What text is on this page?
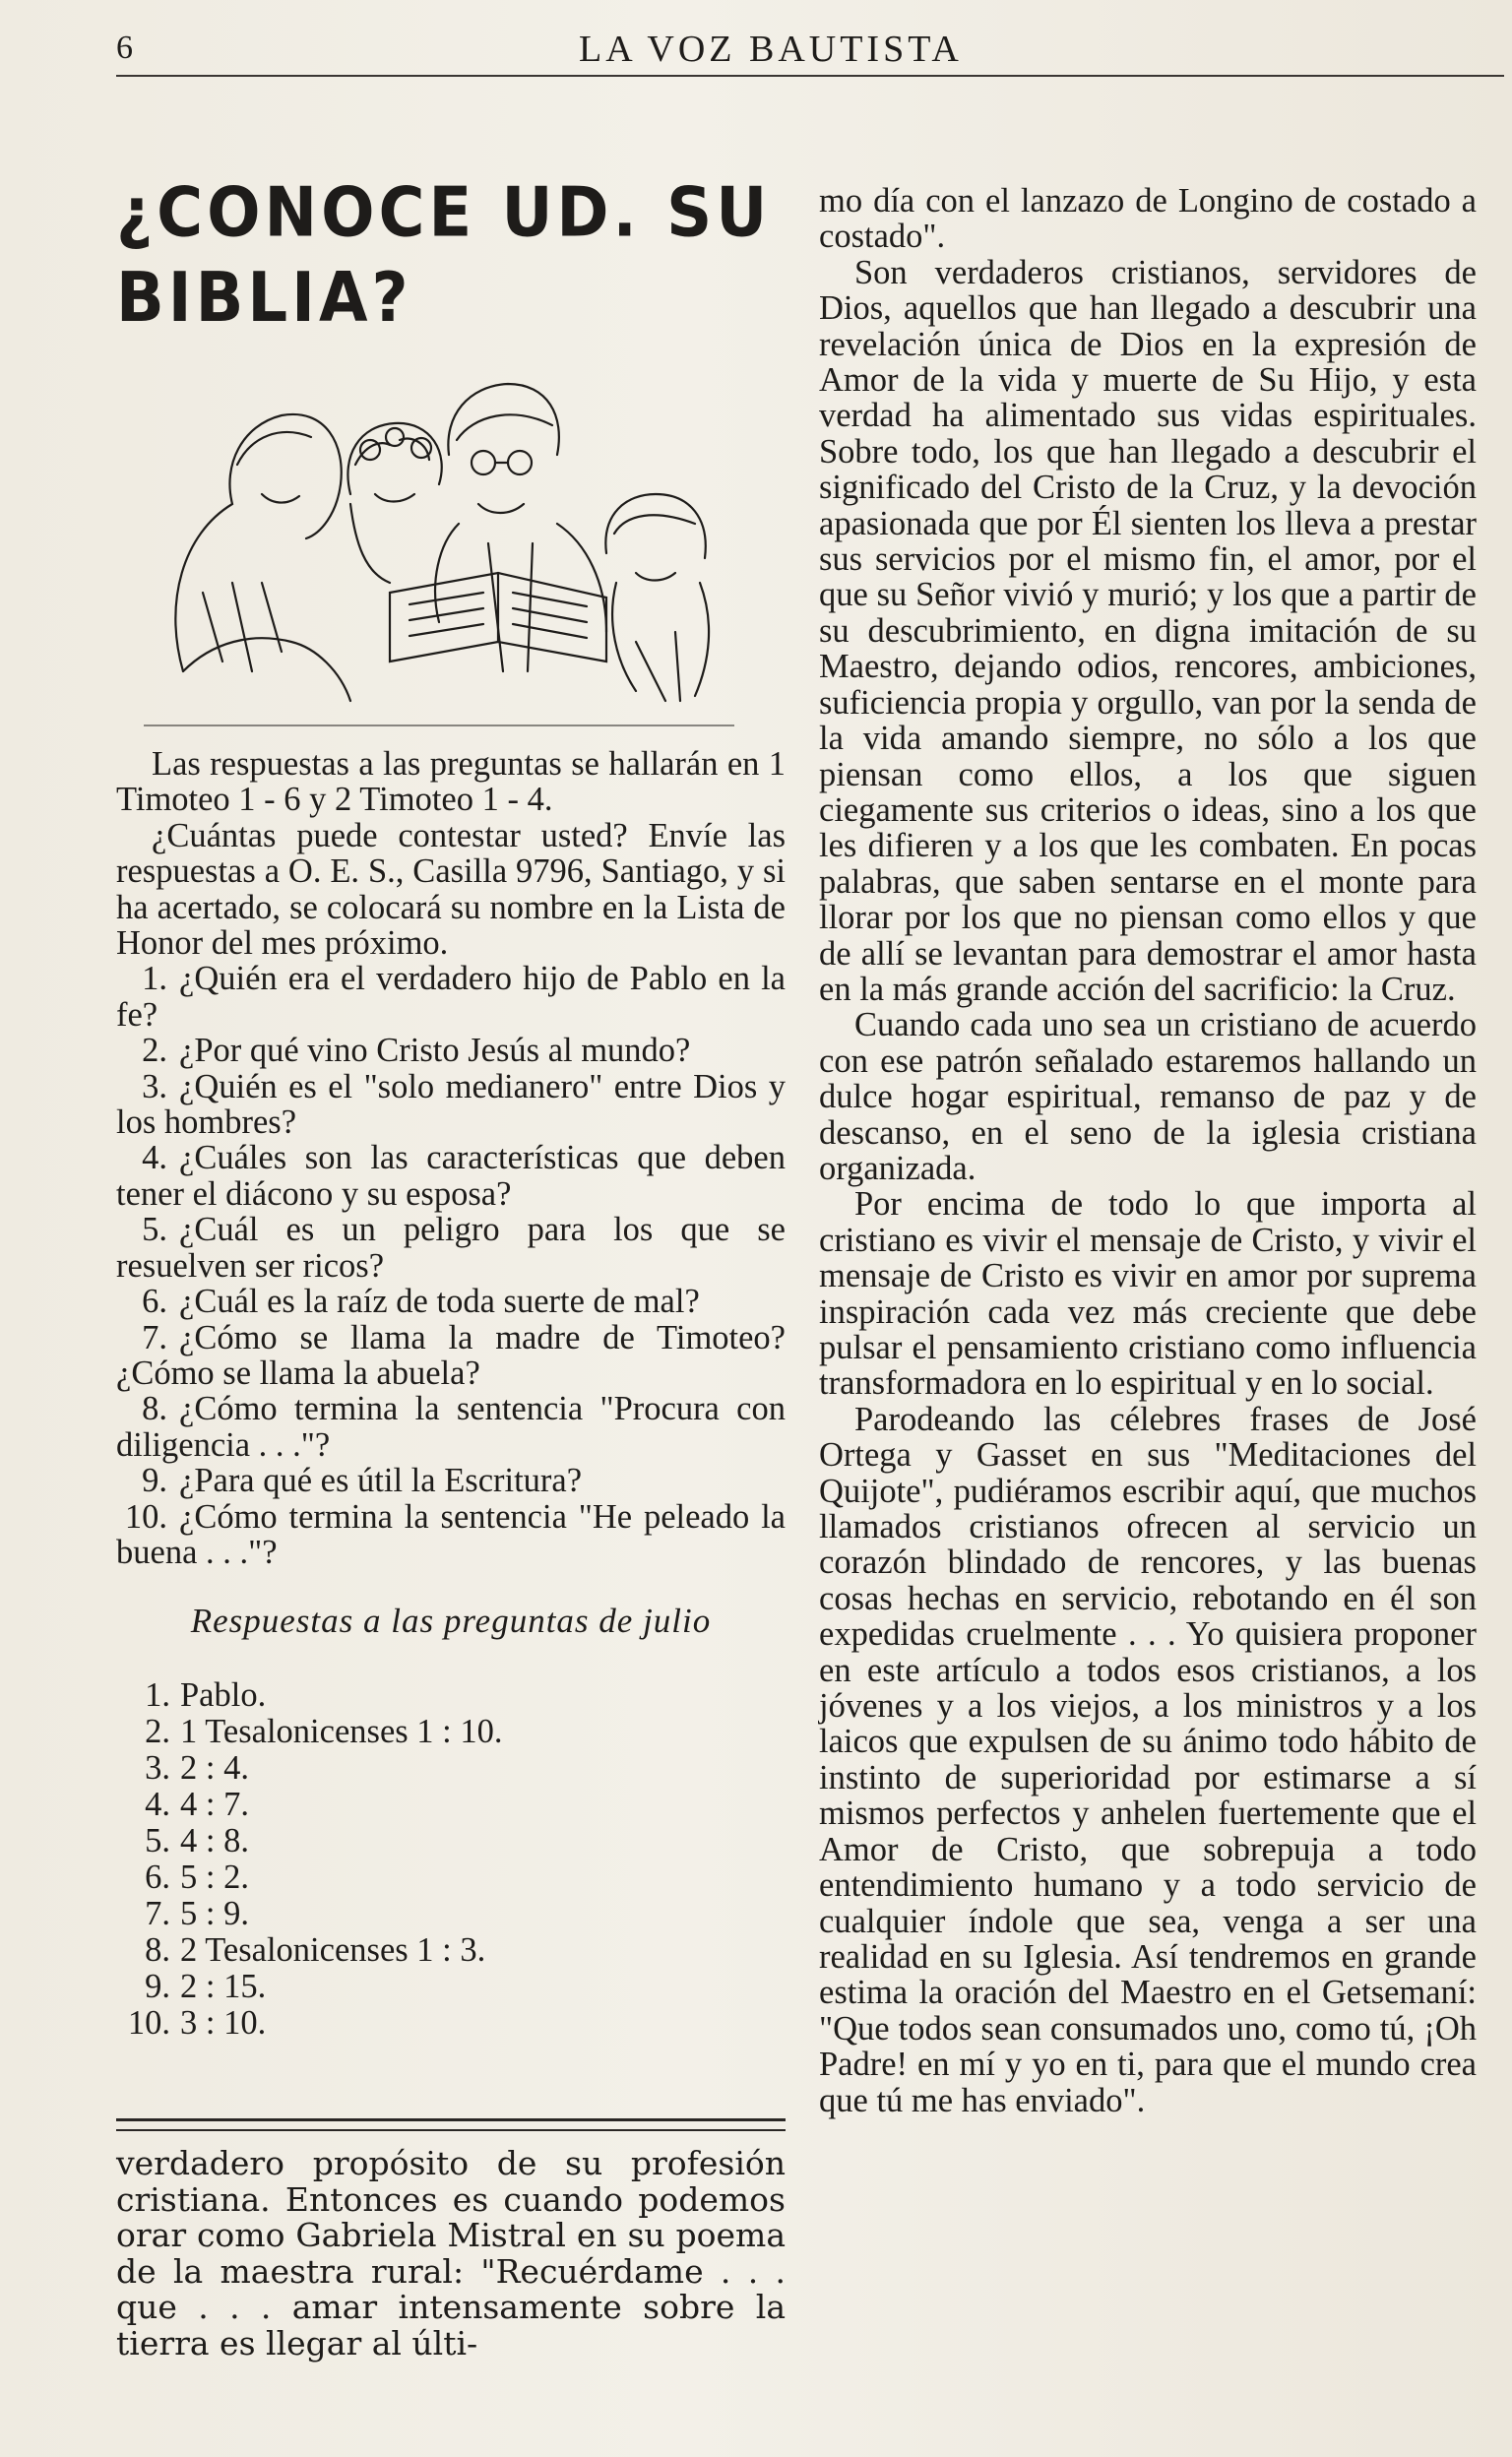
6	LA VOZ BAUTISTA
¿CONOCE UD. SU BIBLIA?

Las respuestas a las preguntas se hallarán en 1 Timoteo 1 - 6 y 2 Timoteo 1 - 4.

¿Cuántas puede contestar usted? Envíe las respuestas a O. E. S., Casilla 9796, Santiago, y si ha acertado, se colocará su nombre en la Lista de Honor del mes próximo.

1. ¿Quién era el verdadero hijo de Pablo en la fe?
2. ¿Por qué vino Cristo Jesús al mundo?
3. ¿Quién es el "solo medianero" entre Dios y los hombres?
4. ¿Cuáles son las características que deben tener el diácono y su esposa?
5. ¿Cuál es un peligro para los que se resuelven ser ricos?
6. ¿Cuál es la raíz de toda suerte de mal?
7. ¿Cómo se llama la madre de Timoteo? ¿Cómo se llama la abuela?
8. ¿Cómo termina la sentencia "Procura con diligencia . . ."?
9. ¿Para qué es útil la Escritura?
10. ¿Cómo termina la sentencia "He peleado la buena . . ."?
Respuestas a las preguntas de julio
1. Pablo.
2. 1 Tesalonicenses 1 : 10.
3. 2 : 4.
4. 4 : 7.
5. 4 : 8.
6. 5 : 2.
7. 5 : 9.
8. 2 Tesalonicenses 1 : 3.
9. 2 : 15.
10. 3 : 10.

verdadero propósito de su profesión cristiana. Entonces es cuando podemos orar como Gabriela Mistral en su poema de la maestra rural: "Recuérdame . . . que . . . amar intensamente sobre la tierra es llegar al últi-

mo día con el lanzazo de Longino de costado a costado".

Son verdaderos cristianos, servidores de Dios, aquellos que han llegado a descubrir una revelación única de Dios en la expresión de Amor de la vida y muerte de Su Hijo, y esta verdad ha alimentado sus vidas espirituales. Sobre todo, los que han llegado a descubrir el significado del Cristo de la Cruz, y la devoción apasionada que por Él sienten los lleva a prestar sus servicios por el mismo fin, el amor, por el que su Señor vivió y murió; y los que a partir de su descubrimiento, en digna imitación de su Maestro, dejando odios, rencores, ambiciones, suficiencia propia y orgullo, van por la senda de la vida amando siempre, no sólo a los que piensan como ellos, a los que siguen ciegamente sus criterios o ideas, sino a los que les difieren y a los que les combaten. En pocas palabras, que saben sentarse en el monte para llorar por los que no piensan como ellos y que de allí se levantan para demostrar el amor hasta en la más grande acción del sacrificio: la Cruz.

Cuando cada uno sea un cristiano de acuerdo con ese patrón señalado estaremos hallando un dulce hogar espiritual, remanso de paz y de descanso, en el seno de la iglesia cristiana organizada.

Por encima de todo lo que importa al cristiano es vivir el mensaje de Cristo, y vivir el mensaje de Cristo es vivir en amor por suprema inspiración cada vez más creciente que debe pulsar el pensamiento cristiano como influencia transformadora en lo espiritual y en lo social.

Parodeando las célebres frases de José Ortega y Gasset en sus "Meditaciones del Quijote", pudiéramos escribir aquí, que muchos llamados cristianos ofrecen al servicio un corazón blindado de rencores, y las buenas cosas hechas en servicio, rebotando en él son expedidas cruelmente . . . Yo quisiera proponer en este artículo a todos esos cristianos, a los jóvenes y a los viejos, a los ministros y a los laicos que expulsen de su ánimo todo hábito de instinto de superioridad por estimarse a sí mismos perfectos y anhelen fuertemente que el Amor de Cristo, que sobrepuja a todo entendimiento humano y a todo servicio de cualquier índole que sea, venga a ser una realidad en su Iglesia. Así tendremos en grande estima la oración del Maestro en el Getsemaní: "Que todos sean consumados uno, como tú, ¡Oh Padre! en mí y yo en ti, para que el mundo crea que tú me has enviado".
